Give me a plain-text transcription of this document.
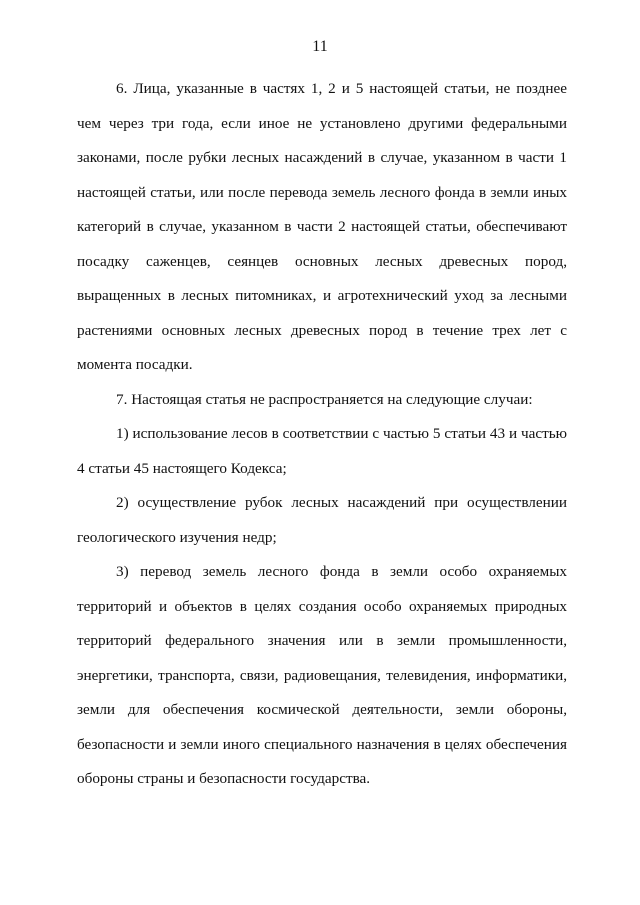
11

6. Лица, указанные в частях 1, 2 и 5 настоящей статьи, не позднее чем через три года, если иное не установлено другими федеральными законами, после рубки лесных насаждений в случае, указанном в части 1 настоящей статьи, или после перевода земель лесного фонда в земли иных категорий в случае, указанном в части 2 настоящей статьи, обеспечивают посадку саженцев, сеянцев основных лесных древесных пород, выращенных в лесных питомниках, и агротехнический уход за лесными растениями основных лесных древесных пород в течение трех лет с момента посадки.

7. Настоящая статья не распространяется на следующие случаи:

1) использование лесов в соответствии с частью 5 статьи 43 и частью 4 статьи 45 настоящего Кодекса;

2) осуществление рубок лесных насаждений при осуществлении геологического изучения недр;

3) перевод земель лесного фонда в земли особо охраняемых территорий и объектов в целях создания особо охраняемых природных территорий федерального значения или в земли промышленности, энергетики, транспорта, связи, радиовещания, телевидения, информатики, земли для обеспечения космической деятельности, земли обороны, безопасности и земли иного специального назначения в целях обеспечения обороны страны и безопасности государства.
